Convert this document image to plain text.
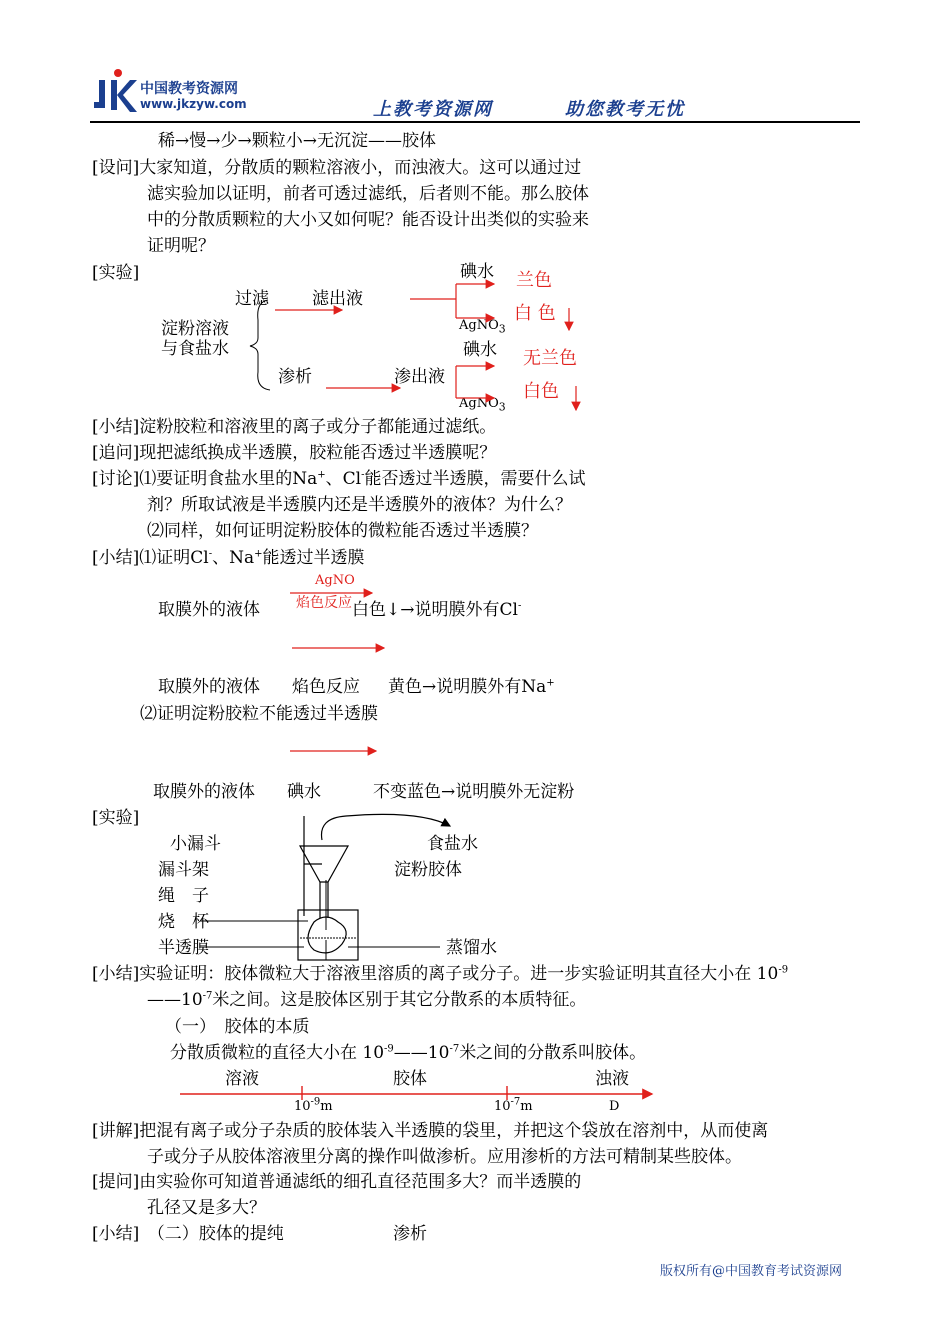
中国教考资源网
www.jkzyw.com	上教考资源网	助您教考无忧
稀→慢→少→颗粒小→无沉淀——胶体
[设问]大家知道，分散质的颗粒溶液小，而浊液大。这可以通过过
滤实验加以证明，前者可透过滤纸，后者则不能。那么胶体
中的分散质颗粒的大小又如何呢？能否设计出类似的实验来
证明呢？
[实验]
过滤	滤出液
碘水 兰色
AgNO$_3$
白 色
淀粉溶液
与食盐水
渗析	渗出液
碘水 无兰色
AgNO$_3$
白色
[小结]淀粉胶粒和溶液里的离子或分子都能通过滤纸。
[追问]现把滤纸换成半透膜，胶粒能否透过半透膜呢？
[讨论]⑴要证明食盐水里的Na+、Cl-能否透过半透膜，需要什么试
剂？所取试液是半透膜内还是半透膜外的液体？为什么？
⑵同样，如何证明淀粉胶体的微粒能否透过半透膜？
[小结]⑴证明Cl-、Na+能透过半透膜
AgNO
焰色反应
取膜外的液体	白色↓→说明膜外有Cl-
取膜外的液体 焰色反应 黄色→说明膜外有Na+
⑵证明淀粉胶粒不能透过半透膜
取膜外的液体 碘水	不变蓝色→说明膜外无淀粉
[实验]
小漏斗
漏斗架
绳　子
烧　杯
半透膜
食盐水
淀粉胶体
蒸馏水
[小结]实验证明：胶体微粒大于溶液里溶质的离子或分子。进一步实验证明其直径大小在 $10^{-9}$
$——10^{-7}$米之间。这是胶体区别于其它分散系的本质特征。
（一）　胶体的本质
分散质微粒的直径大小在 $10^{-9}——10^{-7}$米之间的分散系叫胶体。
溶液	胶体	浊液
$10^{-9}m$	$10^{-7}m$	D
[讲解]把混有离子或分子杂质的胶体装入半透膜的袋里，并把这个袋放在溶剂中，从而使离
子或分子从胶体溶液里分离的操作叫做渗析。应用渗析的方法可精制某些胶体。
[提问]由实验你可知道普通滤纸的细孔直径范围多大？而半透膜的
孔径又是多大？
[小结]　（二）胶体的提纯	渗析
版权所有@中国教育考试资源网
